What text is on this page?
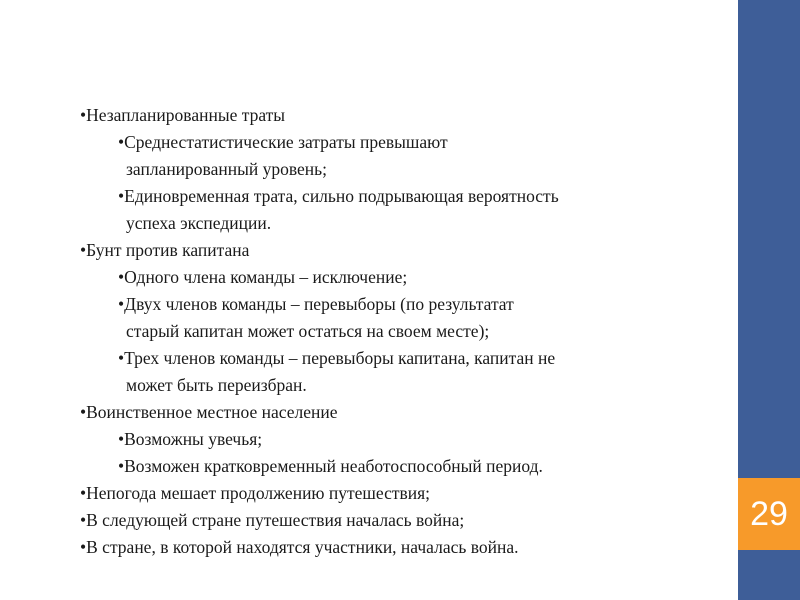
•Незапланированные траты
•Среднестатистические затраты превышают
запланированный уровень;
•Единовременная трата, сильно подрывающая вероятность
успеха экспедиции.
•Бунт против капитана
•Одного члена команды – исключение;
•Двух членов команды – перевыборы (по результатат
старый капитан может остаться на своем месте);
•Трех членов команды – перевыборы капитана, капитан не
может быть переизбран.
•Воинственное местное население
•Возможны увечья;
•Возможен кратковременный неаботоспособный период.
•Непогода мешает продолжению путешествия;
•В следующей стране путешествия началась война;
•В стране, в которой находятся участники, началась война.
29
